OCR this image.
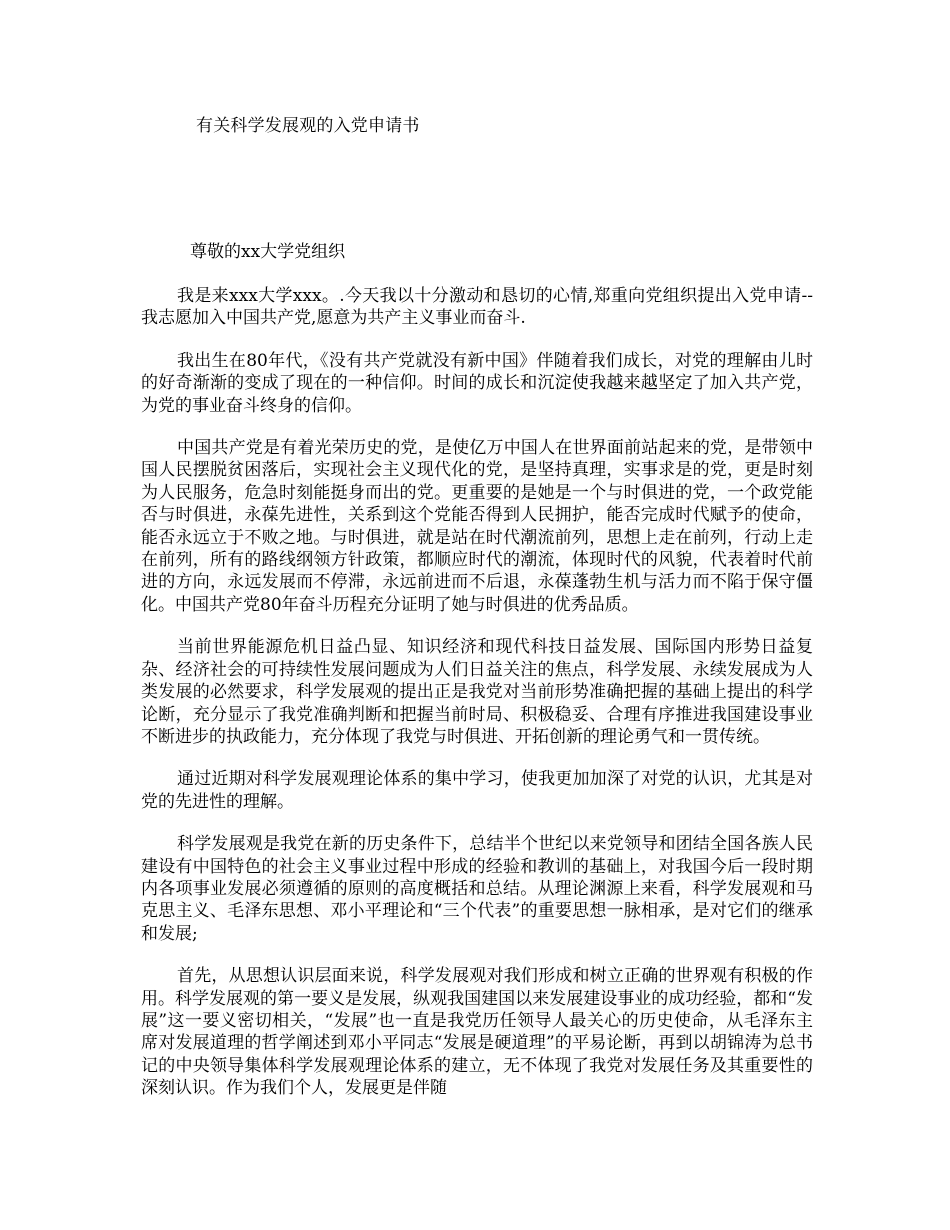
有关科学发展观的入党申请书
尊敬的xx大学党组织

我是来xxx大学xxx。.今天我以十分激动和恳切的心情,郑重向党组织提出入党申请--我志愿加入中国共产党,愿意为共产主义事业而奋斗.

我出生在80年代，《没有共产党就没有新中国》伴随着我们成长，对党的理解由儿时的好奇渐渐的变成了现在的一种信仰。时间的成长和沉淀使我越来越坚定了加入共产党，为党的事业奋斗终身的信仰。

中国共产党是有着光荣历史的党，是使亿万中国人在世界面前站起来的党，是带领中国人民摆脱贫困落后，实现社会主义现代化的党，是坚持真理，实事求是的党，更是时刻为人民服务，危急时刻能挺身而出的党。更重要的是她是一个与时俱进的党，一个政党能否与时俱进，永葆先进性，关系到这个党能否得到人民拥护，能否完成时代赋予的使命，能否永远立于不败之地。与时俱进，就是站在时代潮流前列，思想上走在前列，行动上走在前列，所有的路线纲领方针政策，都顺应时代的潮流，体现时代的风貌，代表着时代前进的方向，永远发展而不停滞，永远前进而不后退，永葆蓬勃生机与活力而不陷于保守僵化。中国共产党80年奋斗历程充分证明了她与时俱进的优秀品质。

当前世界能源危机日益凸显、知识经济和现代科技日益发展、国际国内形势日益复杂、经济社会的可持续性发展问题成为人们日益关注的焦点，科学发展、永续发展成为人类发展的必然要求，科学发展观的提出正是我党对当前形势准确把握的基础上提出的科学论断，充分显示了我党准确判断和把握当前时局、积极稳妥、合理有序推进我国建设事业不断进步的执政能力，充分体现了我党与时俱进、开拓创新的理论勇气和一贯传统。

通过近期对科学发展观理论体系的集中学习，使我更加加深了对党的认识，尤其是对党的先进性的理解。

科学发展观是我党在新的历史条件下，总结半个世纪以来党领导和团结全国各族人民建设有中国特色的社会主义事业过程中形成的经验和教训的基础上，对我国今后一段时期内各项事业发展必须遵循的原则的高度概括和总结。从理论渊源上来看，科学发展观和马克思主义、毛泽东思想、邓小平理论和“三个代表”的重要思想一脉相承，是对它们的继承和发展;

首先，从思想认识层面来说，科学发展观对我们形成和树立正确的世界观有积极的作用。科学发展观的第一要义是发展，纵观我国建国以来发展建设事业的成功经验，都和“发展”这一要义密切相关，“发展”也一直是我党历任领导人最关心的历史使命，从毛泽东主席对发展道理的哲学阐述到邓小平同志“发展是硬道理”的平易论断，再到以胡锦涛为总书记的中央领导集体科学发展观理论体系的建立，无不体现了我党对发展任务及其重要性的深刻认识。作为我们个人，发展更是伴随
